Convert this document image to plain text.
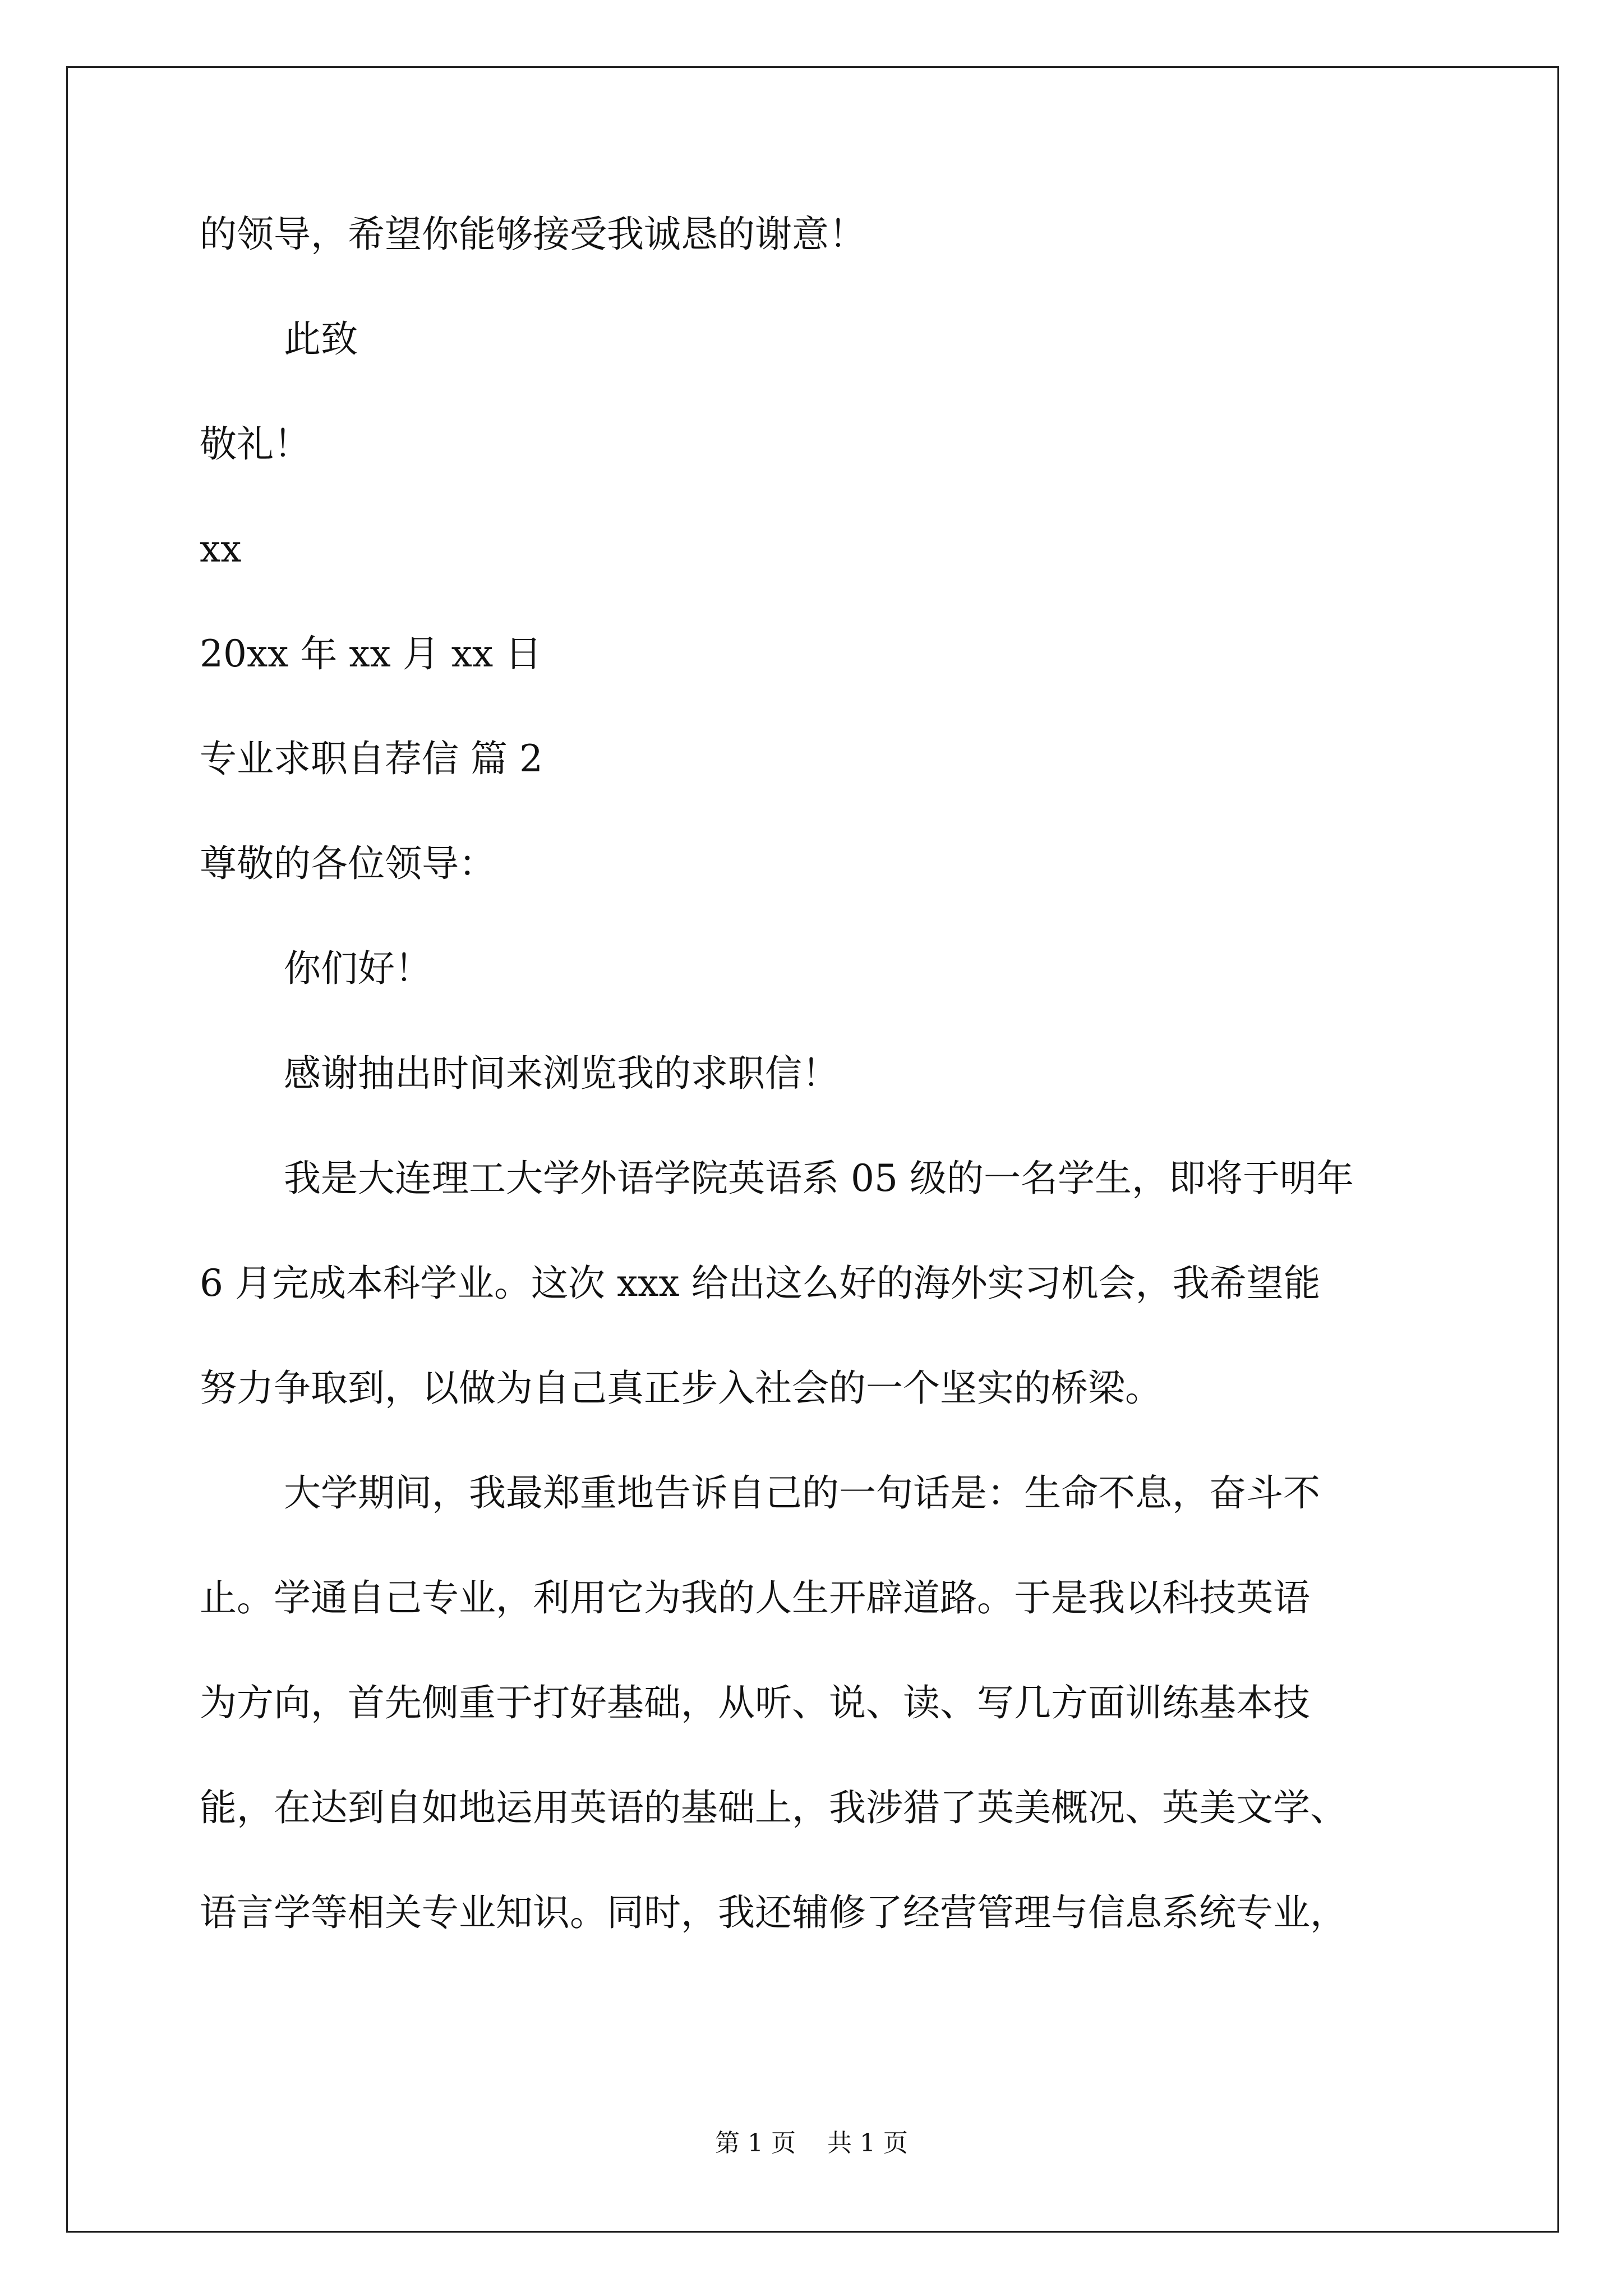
的领导，希望你能够接受我诚恳的谢意！
此致
敬礼！
xx
20xx 年 xx 月 xx 日
专业求职自荐信 篇 2
尊敬的各位领导：
你们好！
感谢抽出时间来浏览我的求职信！
我是大连理工大学外语学院英语系 05 级的一名学生，即将于明年
6 月完成本科学业。这次 xxx 给出这么好的海外实习机会，我希望能
努力争取到，以做为自己真正步入社会的一个坚实的桥梁。
大学期间，我最郑重地告诉自己的一句话是：生命不息，奋斗不
止。学通自己专业，利用它为我的人生开辟道路。于是我以科技英语
为方向，首先侧重于打好基础，从听、说、读、写几方面训练基本技
能，在达到自如地运用英语的基础上，我涉猎了英美概况、英美文学、
语言学等相关专业知识。同时，我还辅修了经营管理与信息系统专业，
第 1 页    共 1 页
